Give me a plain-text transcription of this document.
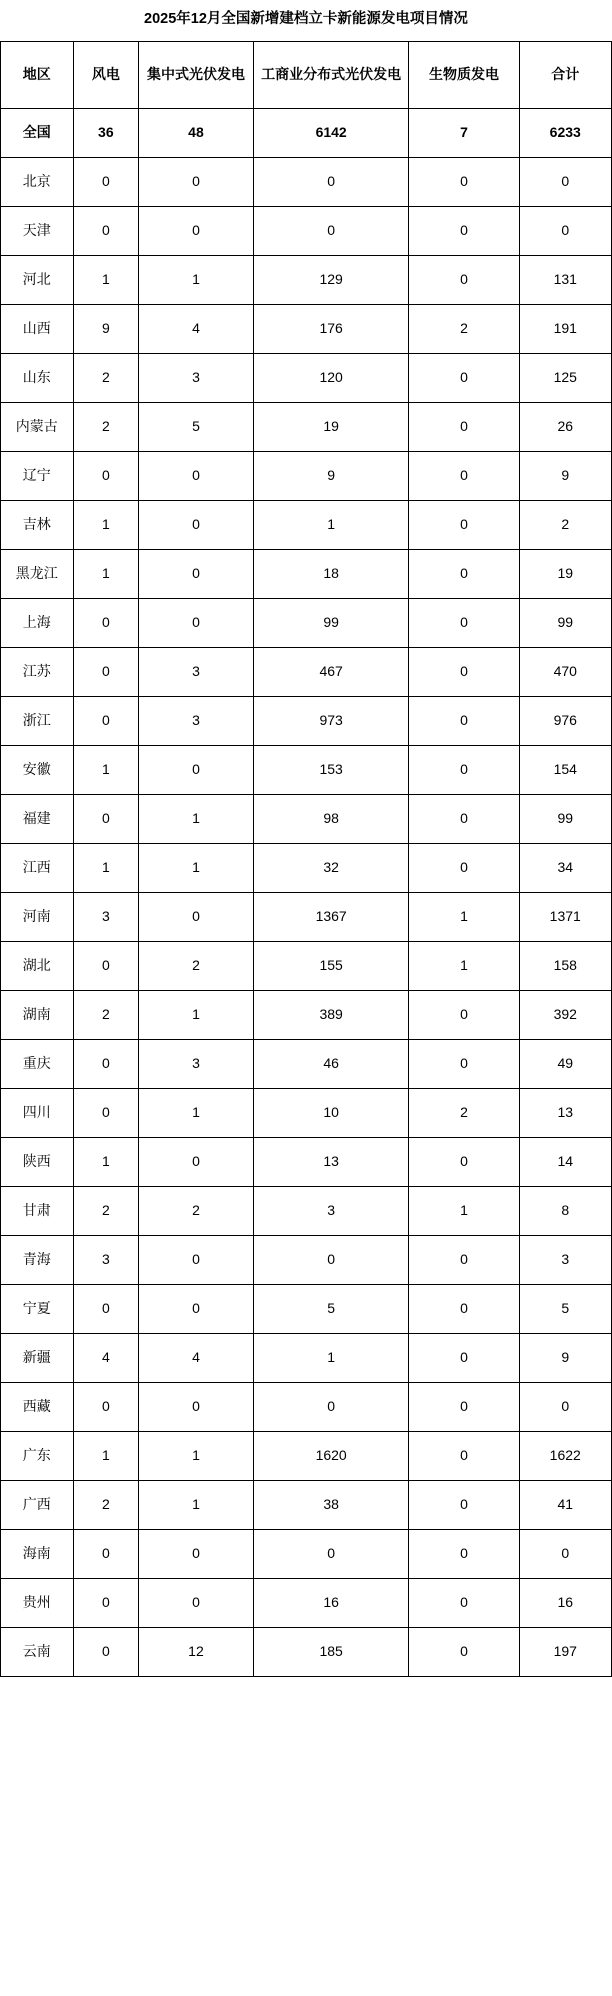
2025年12月全国新增建档立卡新能源发电项目情况
地区	风电	集中式光伏发电	工商业分布式光伏发电	生物质发电	合计
全国	36	48	6142	7	6233
北京	0	0	0	0	0
天津	0	0	0	0	0
河北	1	1	129	0	131
山西	9	4	176	2	191
山东	2	3	120	0	125
内蒙古	2	5	19	0	26
辽宁	0	0	9	0	9
吉林	1	0	1	0	2
黑龙江	1	0	18	0	19
上海	0	0	99	0	99
江苏	0	3	467	0	470
浙江	0	3	973	0	976
安徽	1	0	153	0	154
福建	0	1	98	0	99
江西	1	1	32	0	34
河南	3	0	1367	1	1371
湖北	0	2	155	1	158
湖南	2	1	389	0	392
重庆	0	3	46	0	49
四川	0	1	10	2	13
陕西	1	0	13	0	14
甘肃	2	2	3	1	8
青海	3	0	0	0	3
宁夏	0	0	5	0	5
新疆	4	4	1	0	9
西藏	0	0	0	0	0
广东	1	1	1620	0	1622
广西	2	1	38	0	41
海南	0	0	0	0	0
贵州	0	0	16	0	16
云南	0	12	185	0	197
